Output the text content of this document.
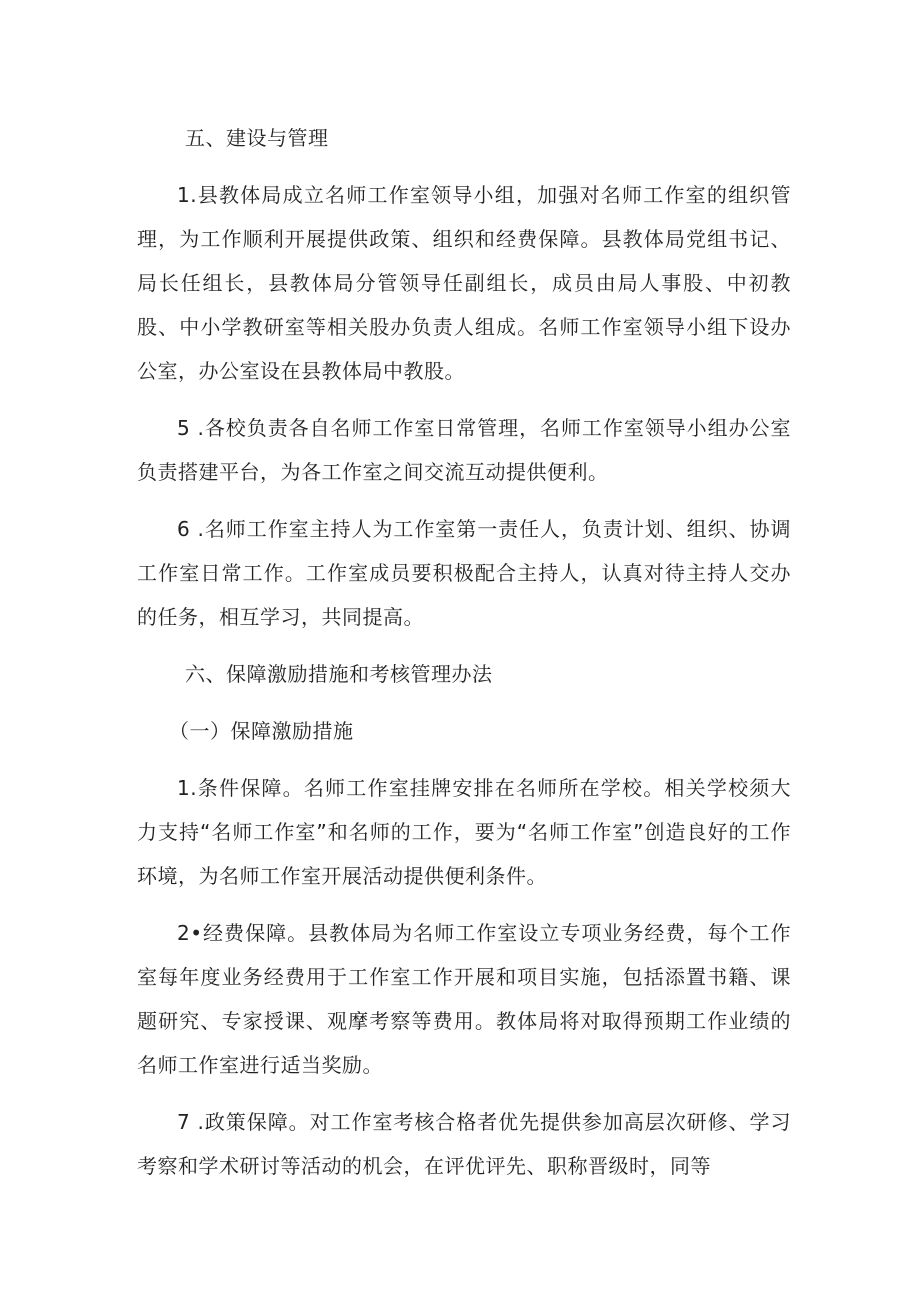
五、建设与管理

1.县教体局成立名师工作室领导小组，加强对名师工作室的组织管理，为工作顺利开展提供政策、组织和经费保障。县教体局党组书记、局长任组长，县教体局分管领导任副组长，成员由局人事股、中初教股、中小学教研室等相关股办负责人组成。名师工作室领导小组下设办公室，办公室设在县教体局中教股。

5 .各校负责各自名师工作室日常管理，名师工作室领导小组办公室负责搭建平台，为各工作室之间交流互动提供便利。

6 .名师工作室主持人为工作室第一责任人，负责计划、组织、协调工作室日常工作。工作室成员要积极配合主持人，认真对待主持人交办的任务，相互学习，共同提高。

六、保障激励措施和考核管理办法

（一）保障激励措施

1.条件保障。名师工作室挂牌安排在名师所在学校。相关学校须大力支持“名师工作室”和名师的工作，要为“名师工作室”创造良好的工作环境，为名师工作室开展活动提供便利条件。

2•经费保障。县教体局为名师工作室设立专项业务经费，每个工作室每年度业务经费用于工作室工作开展和项目实施，包括添置书籍、课题研究、专家授课、观摩考察等费用。教体局将对取得预期工作业绩的名师工作室进行适当奖励。

7 .政策保障。对工作室考核合格者优先提供参加高层次研修、学习考察和学术研讨等活动的机会，在评优评先、职称晋级时，同等
